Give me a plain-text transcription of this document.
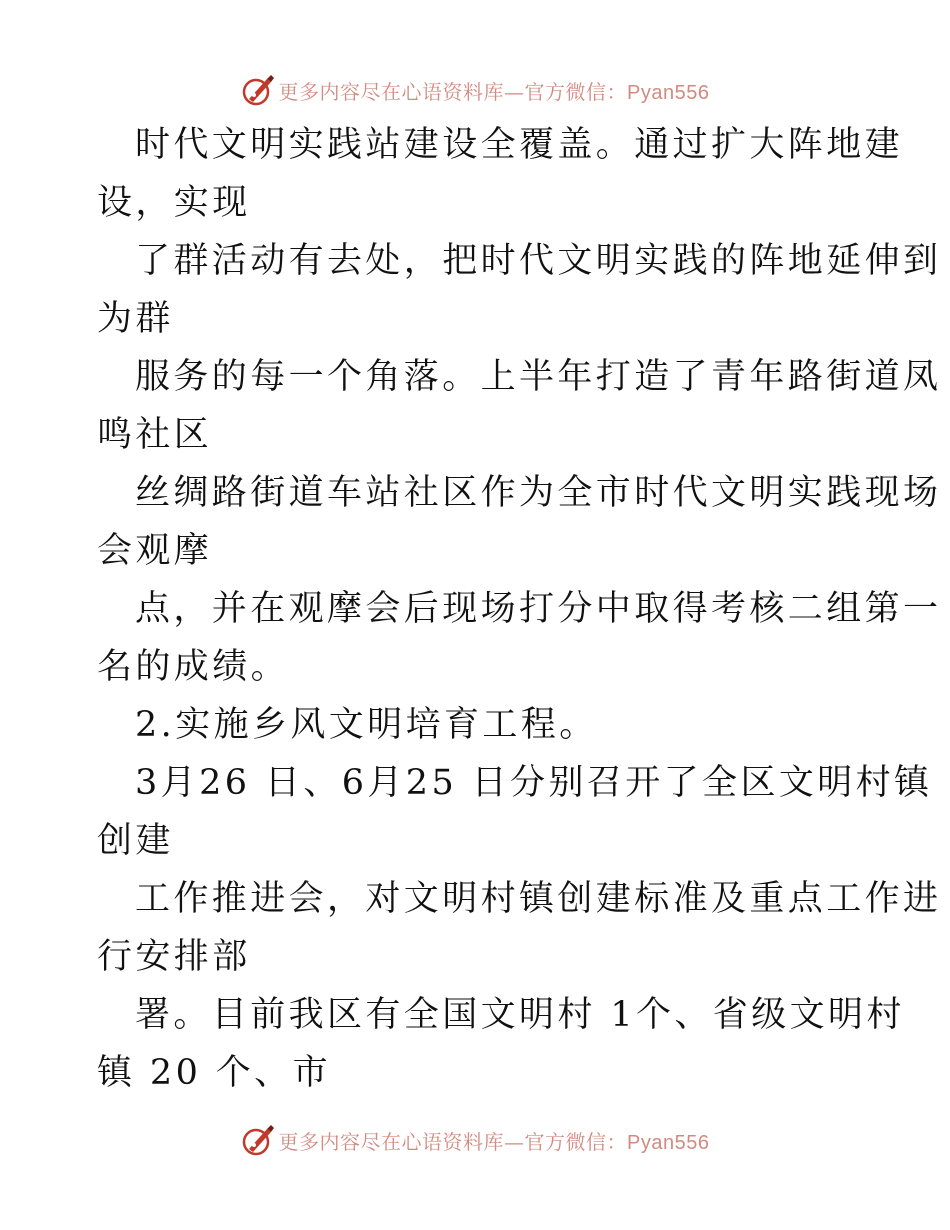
更多内容尽在心语资料库—官方微信：Pyan556
时代文明实践站建设全覆盖。通过扩大阵地建
设，实现
了群活动有去处，把时代文明实践的阵地延伸到
为群
服务的每一个角落。上半年打造了青年路街道凤
鸣社区
丝绸路街道车站社区作为全市时代文明实践现场
会观摩
点，并在观摩会后现场打分中取得考核二组第一
名的成绩。
2.实施乡风文明培育工程。
3月26 日、6月25 日分别召开了全区文明村镇
创建
工作推进会，对文明村镇创建标准及重点工作进
行安排部
署。目前我区有全国文明村 1个、省级文明村
镇 20 个、市
更多内容尽在心语资料库—官方微信：Pyan556
